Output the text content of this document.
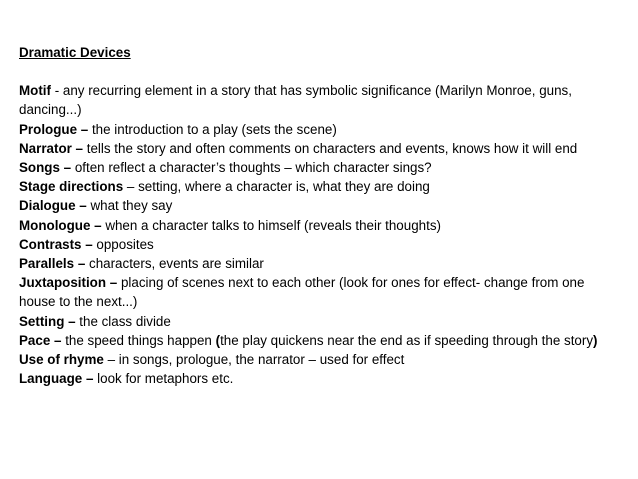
Dramatic Devices

Motif - any recurring element in a story that has symbolic significance (Marilyn Monroe, guns, dancing...)

Prologue – the introduction to a play (sets the scene)

Narrator – tells the story and often comments on characters and events, knows how it will end

Songs – often reflect a character’s thoughts – which character sings?

Stage directions – setting, where a character is, what they are doing

Dialogue – what they say

Monologue – when a character talks to himself (reveals their thoughts)

Contrasts – opposites

Parallels – characters, events are similar

Juxtaposition – placing of scenes next to each other (look for ones for effect- change from one house to the next...)

Setting – the class divide

Pace – the speed things happen (the play quickens near the end as if speeding through the story)

Use of rhyme – in songs, prologue, the narrator – used for effect

Language – look for metaphors etc.
